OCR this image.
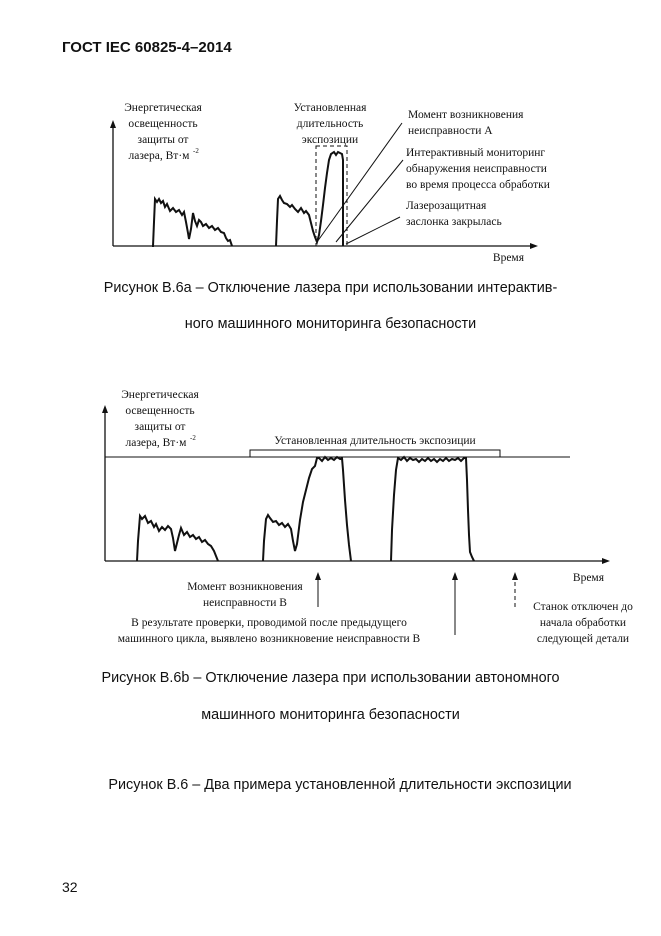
ГОСТ IEC 60825-4–2014
Энергетическая
освещенность
защиты от
лазера, Вт·м -2
Установленная
длительность
экспозиции
Момент возникновения
неисправности А
Интерактивный мониторинг
обнаружения неисправности
во время процесса обработки
Лазерозащитная
заслонка закрылась
Время
Установленная длительность экспозиции
Энергетическая
освещенность
защиты от
лазера, Вт·м -2
Время
Момент возникновения
неисправности В
В результате проверки, проводимой после предыдущего
машинного цикла, выявлено возникновение неисправности В
Станок отключен до
начала обработки
следующей детали
Рисунок В.6а – Отключение лазера при использовании интерактив-
ного машинного мониторинга безопасности
Рисунок В.6b – Отключение лазера при использовании автономного
машинного мониторинга безопасности
Рисунок В.6 – Два примера установленной длительности экспозиции
32
